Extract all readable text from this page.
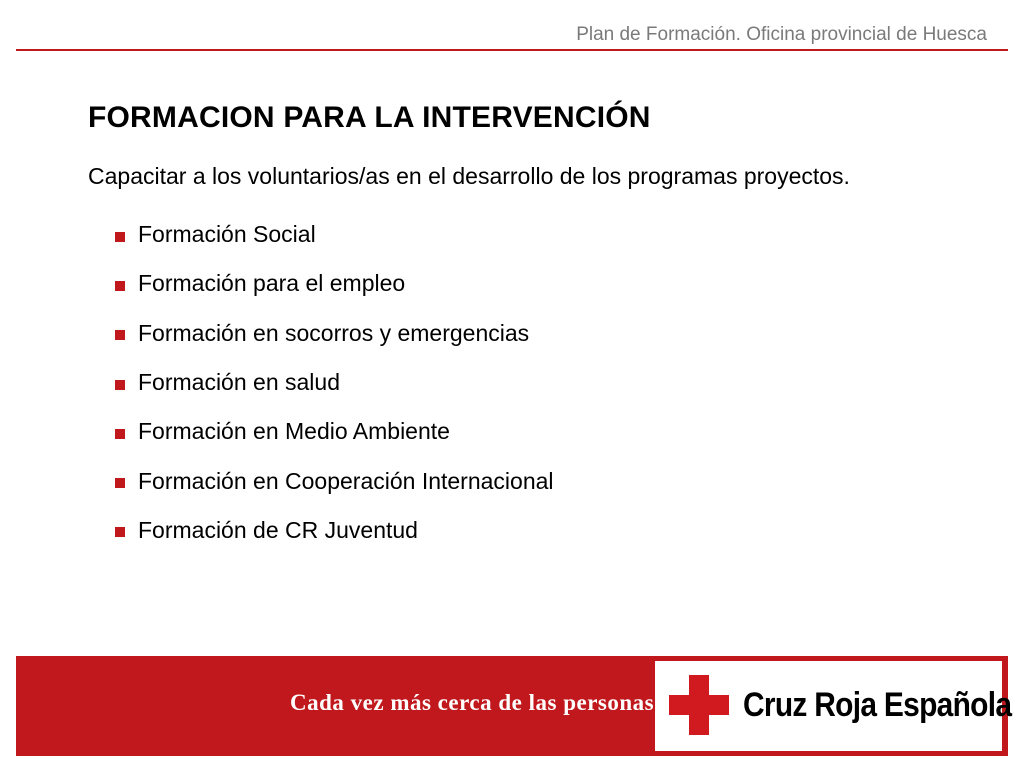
Plan de Formación. Oficina provincial de Huesca
FORMACION PARA LA INTERVENCIÓN
Capacitar a los voluntarios/as en el desarrollo de los programas proyectos.
Formación Social
Formación para el empleo
Formación en socorros y emergencias
Formación en salud
Formación en Medio Ambiente
Formación en Cooperación Internacional
Formación de CR Juventud
Cada vez más cerca de las personas	Cruz Roja Española
